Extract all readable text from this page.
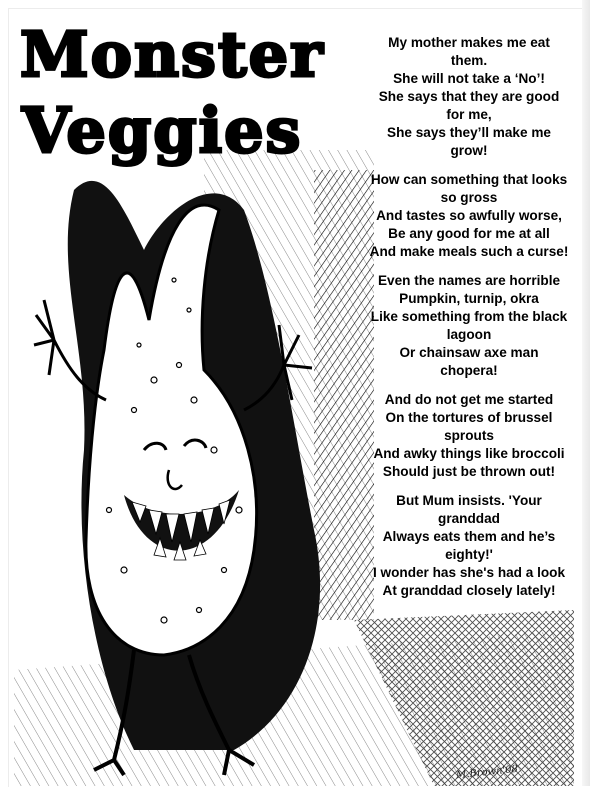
Monster
Veggies
My mother makes me eat
them.
She will not take a ‘No’!
She says that they are good
for me,
She says they’ll make me
grow!
How can something that looks
so gross
And tastes so awfully worse,
Be any good for me at all
And make meals such a curse!
Even the names are horrible
Pumpkin, turnip, okra
Like something from the black
lagoon
Or chainsaw axe man
chopera!
And do not get me started
On the tortures of brussel
sprouts
And awky things like broccoli
Should just be thrown out!
But Mum insists. 'Your
granddad
Always eats them and he’s
eighty!'
I wonder has she's had a look
At granddad closely lately!
M.Brown'08
